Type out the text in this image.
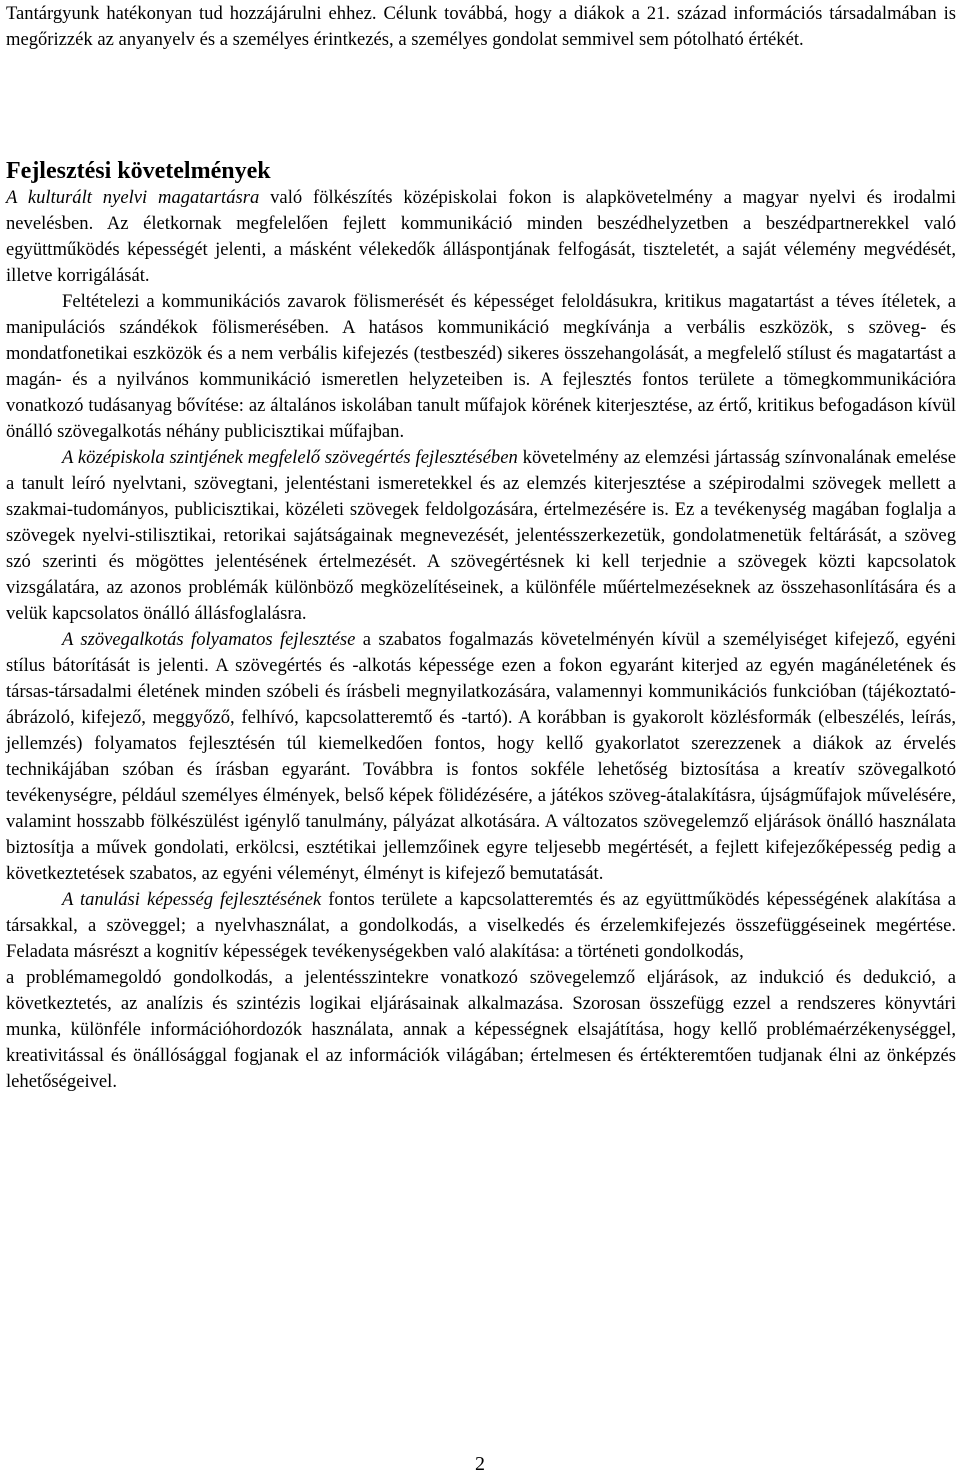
Tantárgyunk hatékonyan tud hozzájárulni ehhez. Célunk továbbá, hogy a diákok a 21. század információs társadalmában is megőrizzék az anyanyelv és a személyes érintkezés, a személyes gondolat semmivel sem pótolható értékét.

Fejlesztési követelmények

A kulturált nyelvi magatartásra való fölkészítés középiskolai fokon is alapkövetelmény a magyar nyelvi és irodalmi nevelésben. Az életkornak megfelelően fejlett kommunikáció minden beszédhelyzetben a beszédpartnerekkel való együttműködés képességét jelenti, a másként vélekedők álláspontjának felfogását, tiszteletét, a saját vélemény megvédését, illetve korrigálását.

Feltételezi a kommunikációs zavarok fölismerését és képességet feloldásukra, kritikus magatartást a téves ítéletek, a manipulációs szándékok fölismerésében. A hatásos kommunikáció megkívánja a verbális eszközök, s szöveg- és mondatfonetikai eszközök és a nem verbális kifejezés (testbeszéd) sikeres összehangolását, a megfelelő stílust és magatartást a magán- és a nyilvános kommunikáció ismeretlen helyzeteiben is. A fejlesztés fontos területe a tömegkommunikációra vonatkozó tudásanyag bővítése: az általános iskolában tanult műfajok körének kiterjesztése, az értő, kritikus befogadáson kívül önálló szövegalkotás néhány publicisztikai műfajban.

A középiskola szintjének megfelelő szövegértés fejlesztésében követelmény az elemzési jártasság színvonalának emelése a tanult leíró nyelvtani, szövegtani, jelentéstani ismeretekkel és az elemzés kiterjesztése a szépirodalmi szövegek mellett a szakmai-tudományos, publicisztikai, közéleti szövegek feldolgozására, értelmezésére is. Ez a tevékenység magában foglalja a szövegek nyelvi-stilisztikai, retorikai sajátságainak megnevezését, jelentésszerkezetük, gondolatmenetük feltárását, a szöveg szó szerinti és mögöttes jelentésének értelmezését. A szövegértésnek ki kell terjednie a szövegek közti kapcsolatok vizsgálatára, az azonos problémák különböző megközelítéseinek, a különféle műértelmezéseknek az összehasonlítására és a velük kapcsolatos önálló állásfoglalásra.

A szövegalkotás folyamatos fejlesztése a szabatos fogalmazás követelményén kívül a személyiséget kifejező, egyéni stílus bátorítását is jelenti. A szövegértés és -alkotás képessége ezen a fokon egyaránt kiterjed az egyén magánéletének és társas-társadalmi életének minden szóbeli és írásbeli megnyilatkozására, valamennyi kommunikációs funkcióban (tájékoztató-ábrázoló, kifejező, meggyőző, felhívó, kapcsolatteremtő és -tartó). A korábban is gyakorolt közlésformák (elbeszélés, leírás, jellemzés) folyamatos fejlesztésén túl kiemelkedően fontos, hogy kellő gyakorlatot szerezzenek a diákok az érvelés technikájában szóban és írásban egyaránt. Továbbra is fontos sokféle lehetőség biztosítása a kreatív szövegalkotó tevékenységre, például személyes élmények, belső képek fölidézésére, a játékos szöveg-átalakításra, újságműfajok művelésére, valamint hosszabb fölkészülést igénylő tanulmány, pályázat alkotására. A változatos szövegelemző eljárások önálló használata biztosítja a művek gondolati, erkölcsi, esztétikai jellemzőinek egyre teljesebb megértését, a fejlett kifejezőképesség pedig a következtetések szabatos, az egyéni véleményt, élményt is kifejező bemutatását.

A tanulási képesség fejlesztésének fontos területe a kapcsolatteremtés és az együttműködés képességének alakítása a társakkal, a szöveggel; a nyelvhasználat, a gondolkodás, a viselkedés és érzelemkifejezés összefüggéseinek megértése. Feladata másrészt a kognitív képességek tevékenységekben való alakítása: a történeti gondolkodás,

a problémamegoldó gondolkodás, a jelentésszintekre vonatkozó szövegelemző eljárások, az indukció és dedukció, a következtetés, az analízis és szintézis logikai eljárásainak alkalmazása. Szorosan összefügg ezzel a rendszeres könyvtári munka, különféle információhordozók használata, annak a képességnek elsajátítása, hogy kellő problémaérzékenységgel, kreativitással és önállósággal fogjanak el az információk világában; értelmesen és értékteremtően tudjanak élni az önképzés lehetőségeivel.

2
